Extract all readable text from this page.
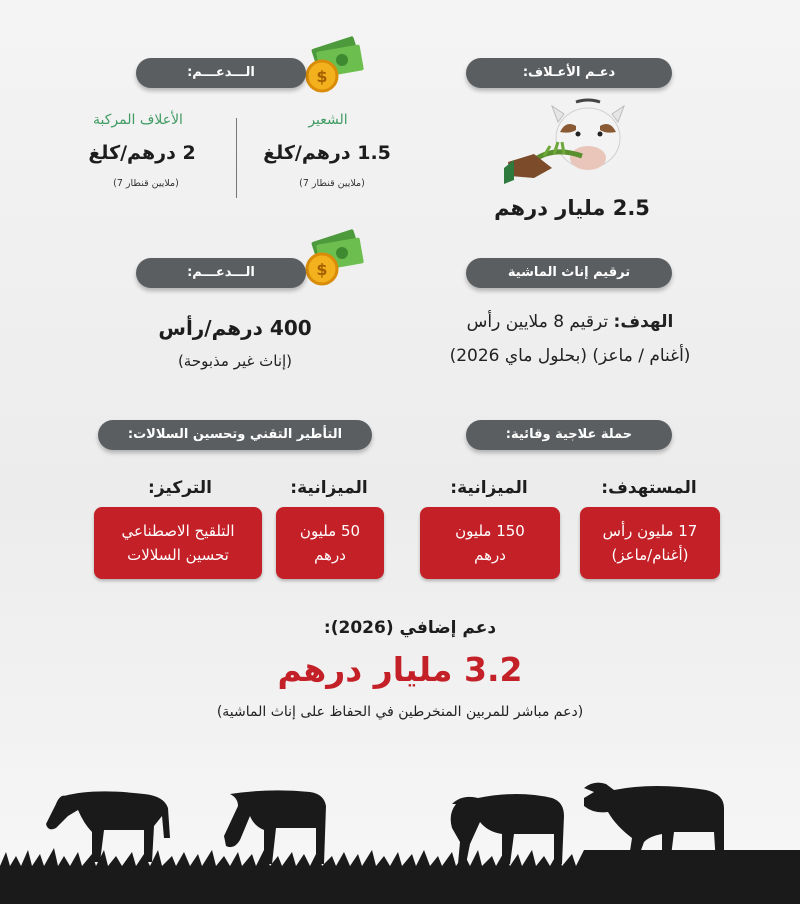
$
$
الـــدعـــم:	دعـم الأعـلاف:
الشعير
1.5 درهم/كلغ
(ملايين قنطار 7)
الأعلاف المركبة
2 درهم/كلغ
(ملايين قنطار 7)
2.5 مليار درهم
الـــدعـــم:	ترقيم إناث الماشية
400 درهم/رأس
(إناث غير مذبوحة)
الهدف: ترقيم 8 ملايين رأس
(أغنام / ماعز) (بحلول ماي 2026)
التأطير التقني وتحسين السلالات:	حملة علاجية وقائية:
المستهدف:
الميزانية:
الميزانية:
التركيز:
17 مليون رأس
(أغنام/ماعز)
150 مليون
درهم
50 مليون
درهم
التلقيح الاصطناعي
تحسين السلالات
دعم إضافي (2026):
3.2 مليار درهم
(دعم مباشر للمربين المنخرطين في الحفاظ على إناث الماشية)
